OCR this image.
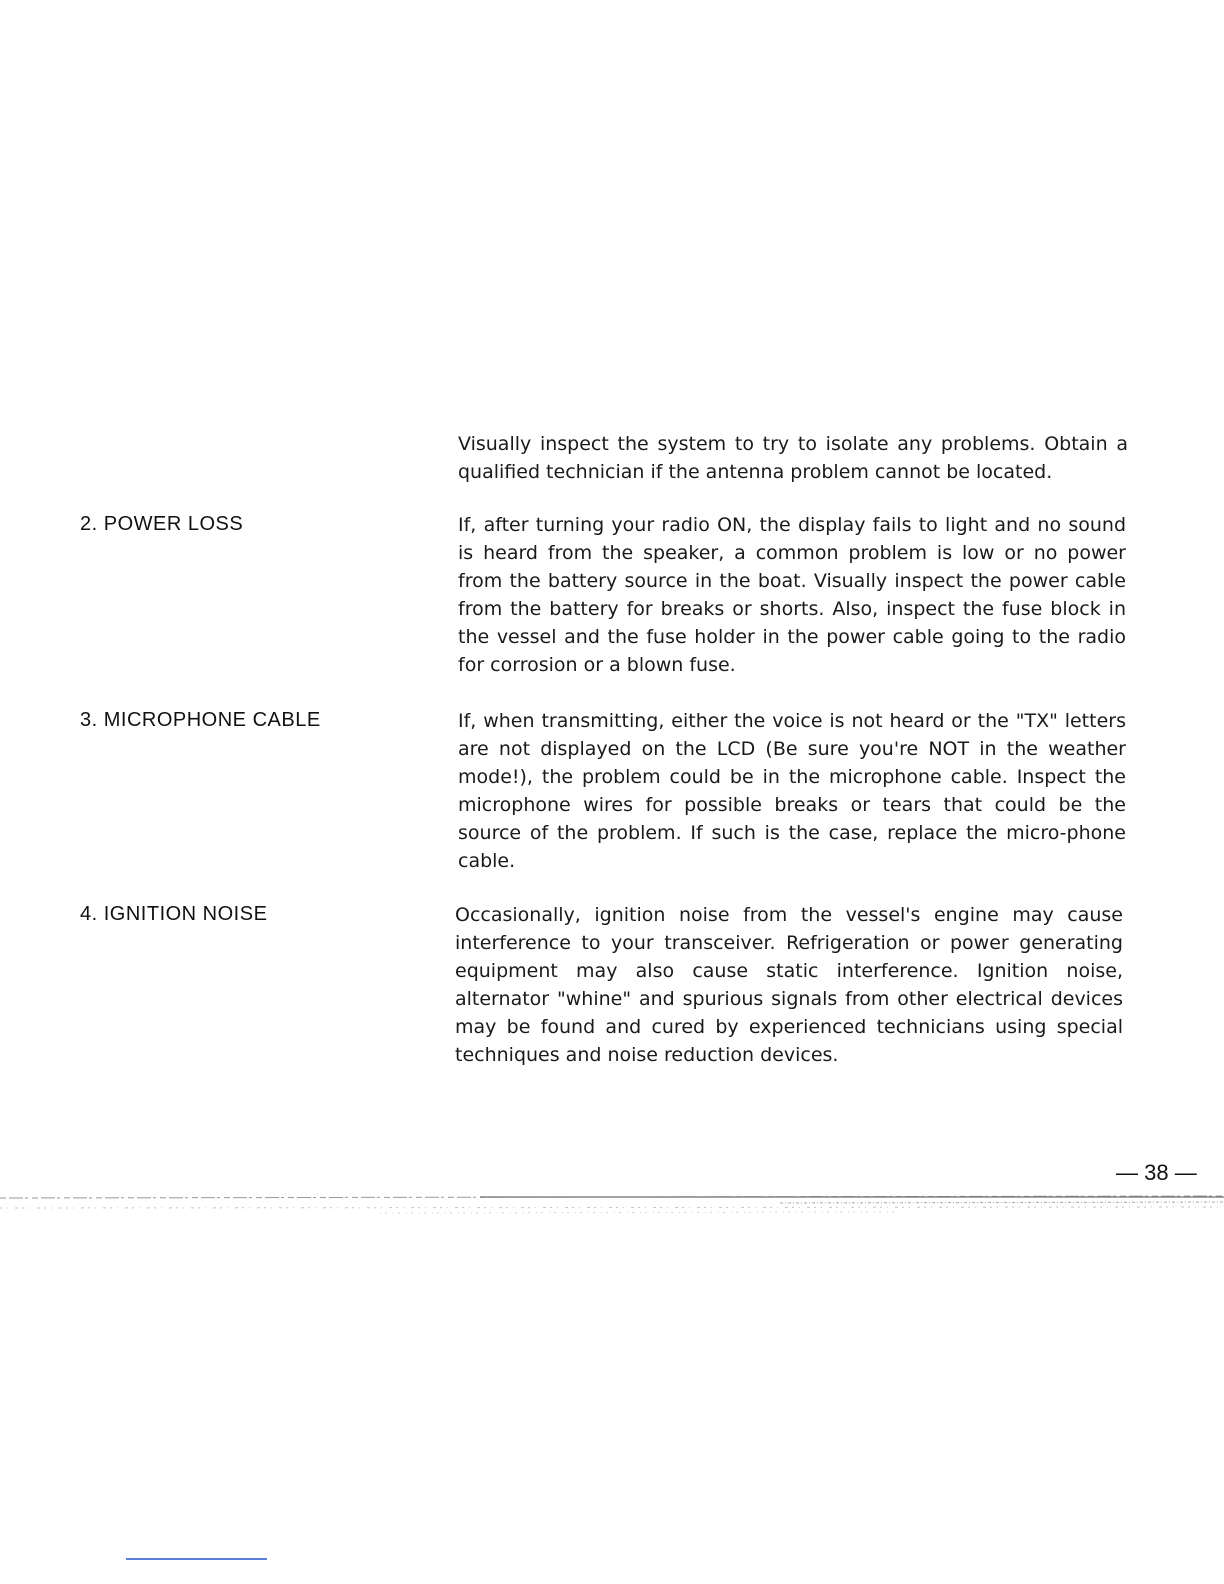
Visually inspect the system to try to isolate any problems. Obtain a qualified technician if the antenna problem cannot be located.

2. POWER LOSS	If, after turning your radio ON, the display fails to light and no sound is heard from the speaker, a common problem is low or no power from the battery source in the boat. Visually inspect the power cable from the battery for breaks or shorts. Also, inspect the fuse block in the vessel and the fuse holder in the power cable going to the radio for corrosion or a blown fuse.

3. MICROPHONE CABLE	If, when transmitting, either the voice is not heard or the "TX" letters are not displayed on the LCD (Be sure you're NOT in the weather mode!), the problem could be in the microphone cable. Inspect the microphone wires for possible breaks or tears that could be the source of the problem. If such is the case, replace the micro-phone cable.

4. IGNITION NOISE	Occasionally, ignition noise from the vessel's engine may cause interference to your transceiver. Refrigeration or power generating equipment may also cause static interference. Ignition noise, alternator "whine" and spurious signals from other electrical devices may be found and cured by experienced technicians using special techniques and noise reduction devices.

— 38 —
